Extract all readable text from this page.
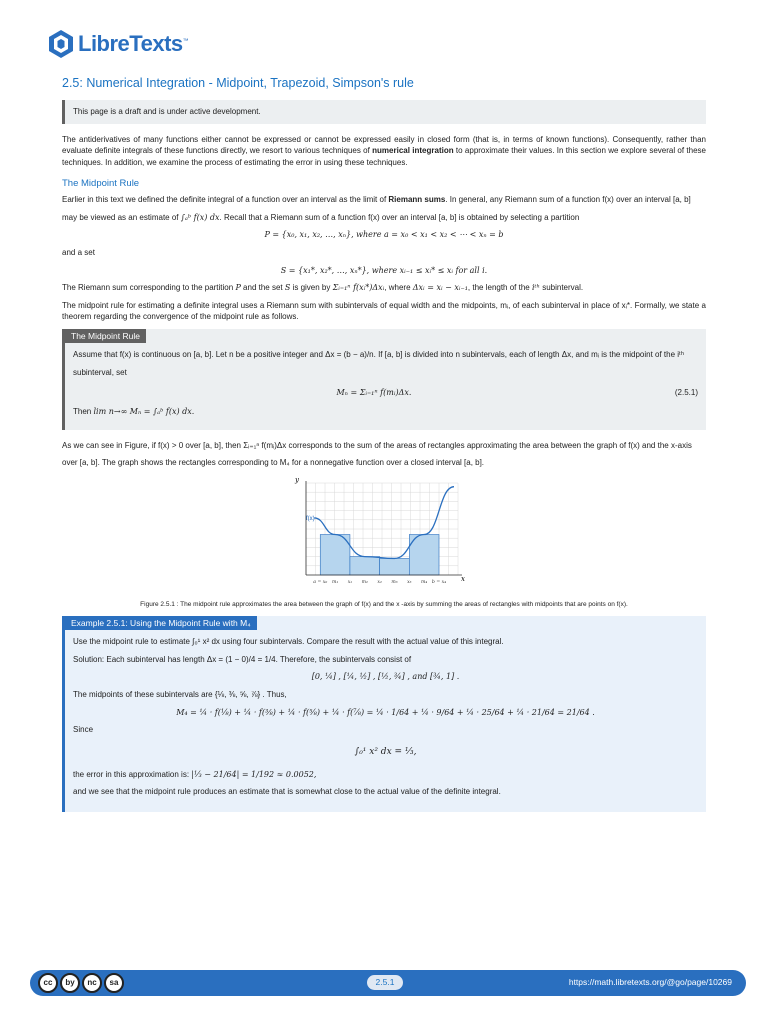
LibreTexts™
2.5: Numerical Integration - Midpoint, Trapezoid, Simpson's rule
This page is a draft and is under active development.

The antiderivatives of many functions either cannot be expressed or cannot be expressed easily in closed form (that is, in terms of known functions). Consequently, rather than evaluate definite integrals of these functions directly, we resort to various techniques of numerical integration to approximate their values. In this section we explore several of these techniques. In addition, we examine the process of estimating the error in using these techniques.

The Midpoint Rule

Earlier in this text we defined the definite integral of a function over an interval as the limit of Riemann sums. In general, any Riemann sum of a function f(x) over an interval [a, b]

may be viewed as an estimate of ∫ₐᵇ f(x) dx. Recall that a Riemann sum of a function f(x) over an interval [a, b] is obtained by selecting a partition

P = {x₀, x₁, x₂, …, xₙ}, where a = x₀ < x₁ < x₂ < ⋯ < xₙ = b

and a set

S = {x₁*, x₂*, …, xₙ*}, where xᵢ₋₁ ≤ xᵢ* ≤ xᵢ for all i.

The Riemann sum corresponding to the partition P and the set S is given by Σᵢ₌₁ⁿ f(xᵢ*)Δxᵢ, where Δxᵢ = xᵢ − xᵢ₋₁, the length of the iᵗʰ subinterval.

The midpoint rule for estimating a definite integral uses a Riemann sum with subintervals of equal width and the midpoints, mᵢ, of each subinterval in place of xᵢ*. Formally, we state a theorem regarding the convergence of the midpoint rule as follows.

The Midpoint Rule

Assume that f(x) is continuous on [a, b]. Let n be a positive integer and Δx = (b − a)/n. If [a, b] is divided into n subintervals, each of length Δx, and mᵢ is the midpoint of the iᵗʰ

subinterval, set

Mₙ = Σᵢ₌₁ⁿ f(mᵢ)Δx.	(2.5.1)

Then lim n→∞ Mₙ = ∫ₐᵇ f(x) dx.

As we can see in Figure, if f(x) > 0 over [a, b], then Σᵢ₌₁ⁿ f(mᵢ)Δx corresponds to the sum of the areas of rectangles approximating the area between the graph of f(x) and the x-axis

over [a, b]. The graph shows the rectangles corresponding to M₄ for a nonnegative function over a closed interval [a, b].

f(x)
y
x
a = x₀ m₁ x₁ m₂ x₂ m₃ x₃ m₄ b = x₄
Figure 2.5.1 : The midpoint rule approximates the area between the graph of f(x) and the x -axis by summing the areas of rectangles with midpoints that are points on f(x).
Example 2.5.1: Using the Midpoint Rule with M₄

Use the midpoint rule to estimate ∫₀¹ x² dx using four subintervals. Compare the result with the actual value of this integral.

Solution: Each subinterval has length Δx = (1 − 0)/4 = 1/4. Therefore, the subintervals consist of

[0, ¼] , [¼, ½] , [½, ¾] , and [¾, 1] .

The midpoints of these subintervals are {⅛, ⅜, ⅝, ⅞} . Thus,

M₄ = ¼ · f(⅛) + ¼ · f(⅜) + ¼ · f(⅝) + ¼ · f(⅞) = ¼ · 1/64 + ¼ · 9/64 + ¼ · 25/64 + ¼ · 21/64 = 21/64 .

Since

∫₀¹ x² dx = ⅓,

the error in this approximation is: |⅓ − 21/64| = 1/192 ≈ 0.0052,

and we see that the midpoint rule produces an estimate that is somewhat close to the actual value of the definite integral.

cc	by	nc	sa	2.5.1	https://math.libretexts.org/@go/page/10269
